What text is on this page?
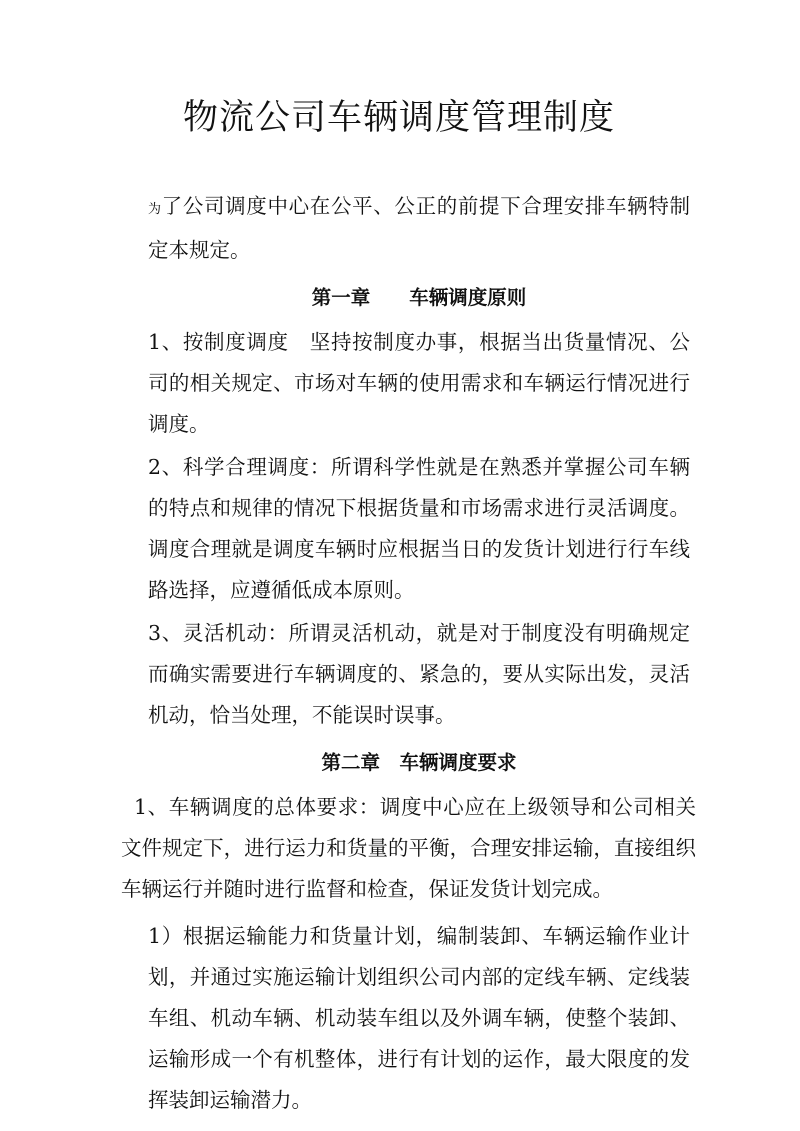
物流公司车辆调度管理制度

为了公司调度中心在公平、公正的前提下合理安排车辆特制定本规定。

第一章　　车辆调度原则

1、按制度调度　坚持按制度办事，根据当出货量情况、公司的相关规定、市场对车辆的使用需求和车辆运行情况进行调度。

2、科学合理调度：所谓科学性就是在熟悉并掌握公司车辆的特点和规律的情况下根据货量和市场需求进行灵活调度。调度合理就是调度车辆时应根据当日的发货计划进行行车线路选择，应遵循低成本原则。

3、灵活机动：所谓灵活机动，就是对于制度没有明确规定而确实需要进行车辆调度的、紧急的，要从实际出发，灵活机动，恰当处理，不能误时误事。

第二章　车辆调度要求

1、车辆调度的总体要求：调度中心应在上级领导和公司相关文件规定下，进行运力和货量的平衡，合理安排运输，直接组织车辆运行并随时进行监督和检查，保证发货计划完成。

1）根据运输能力和货量计划，编制装卸、车辆运输作业计划，并通过实施运输计划组织公司内部的定线车辆、定线装车组、机动车辆、机动装车组以及外调车辆，使整个装卸、运输形成一个有机整体，进行有计划的运作，最大限度的发挥装卸运输潜力。
